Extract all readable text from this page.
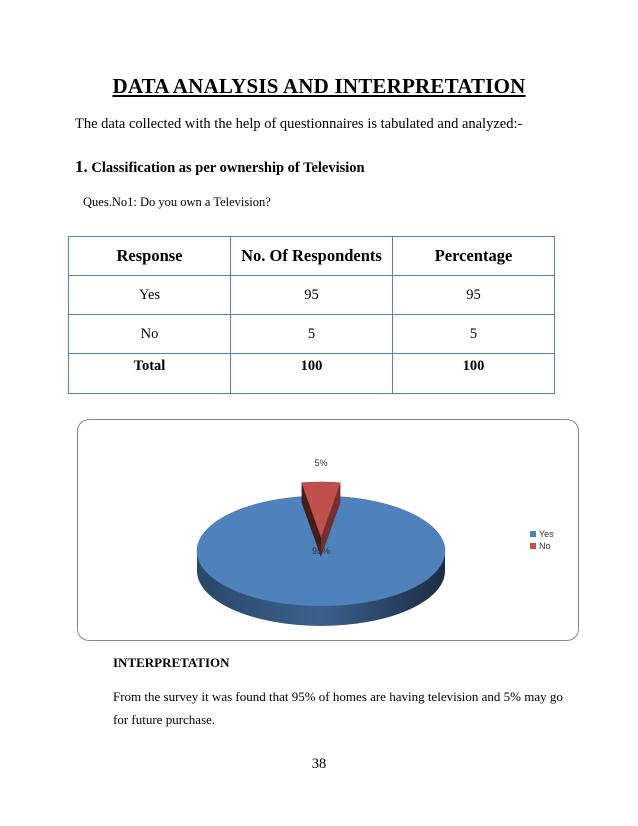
DATA ANALYSIS AND INTERPRETATION
The data collected with the help of questionnaires is tabulated and analyzed:-
1. Classification as per ownership of Television
Ques.No1: Do you own a Television?
Response	No. Of Respondents	Percentage
Yes	95	95
No	5	5
Total	100	100
95%
5%
Yes
No
INTERPRETATION
From the survey it was found that 95% of homes are having television and 5% may go for future purchase.
38
